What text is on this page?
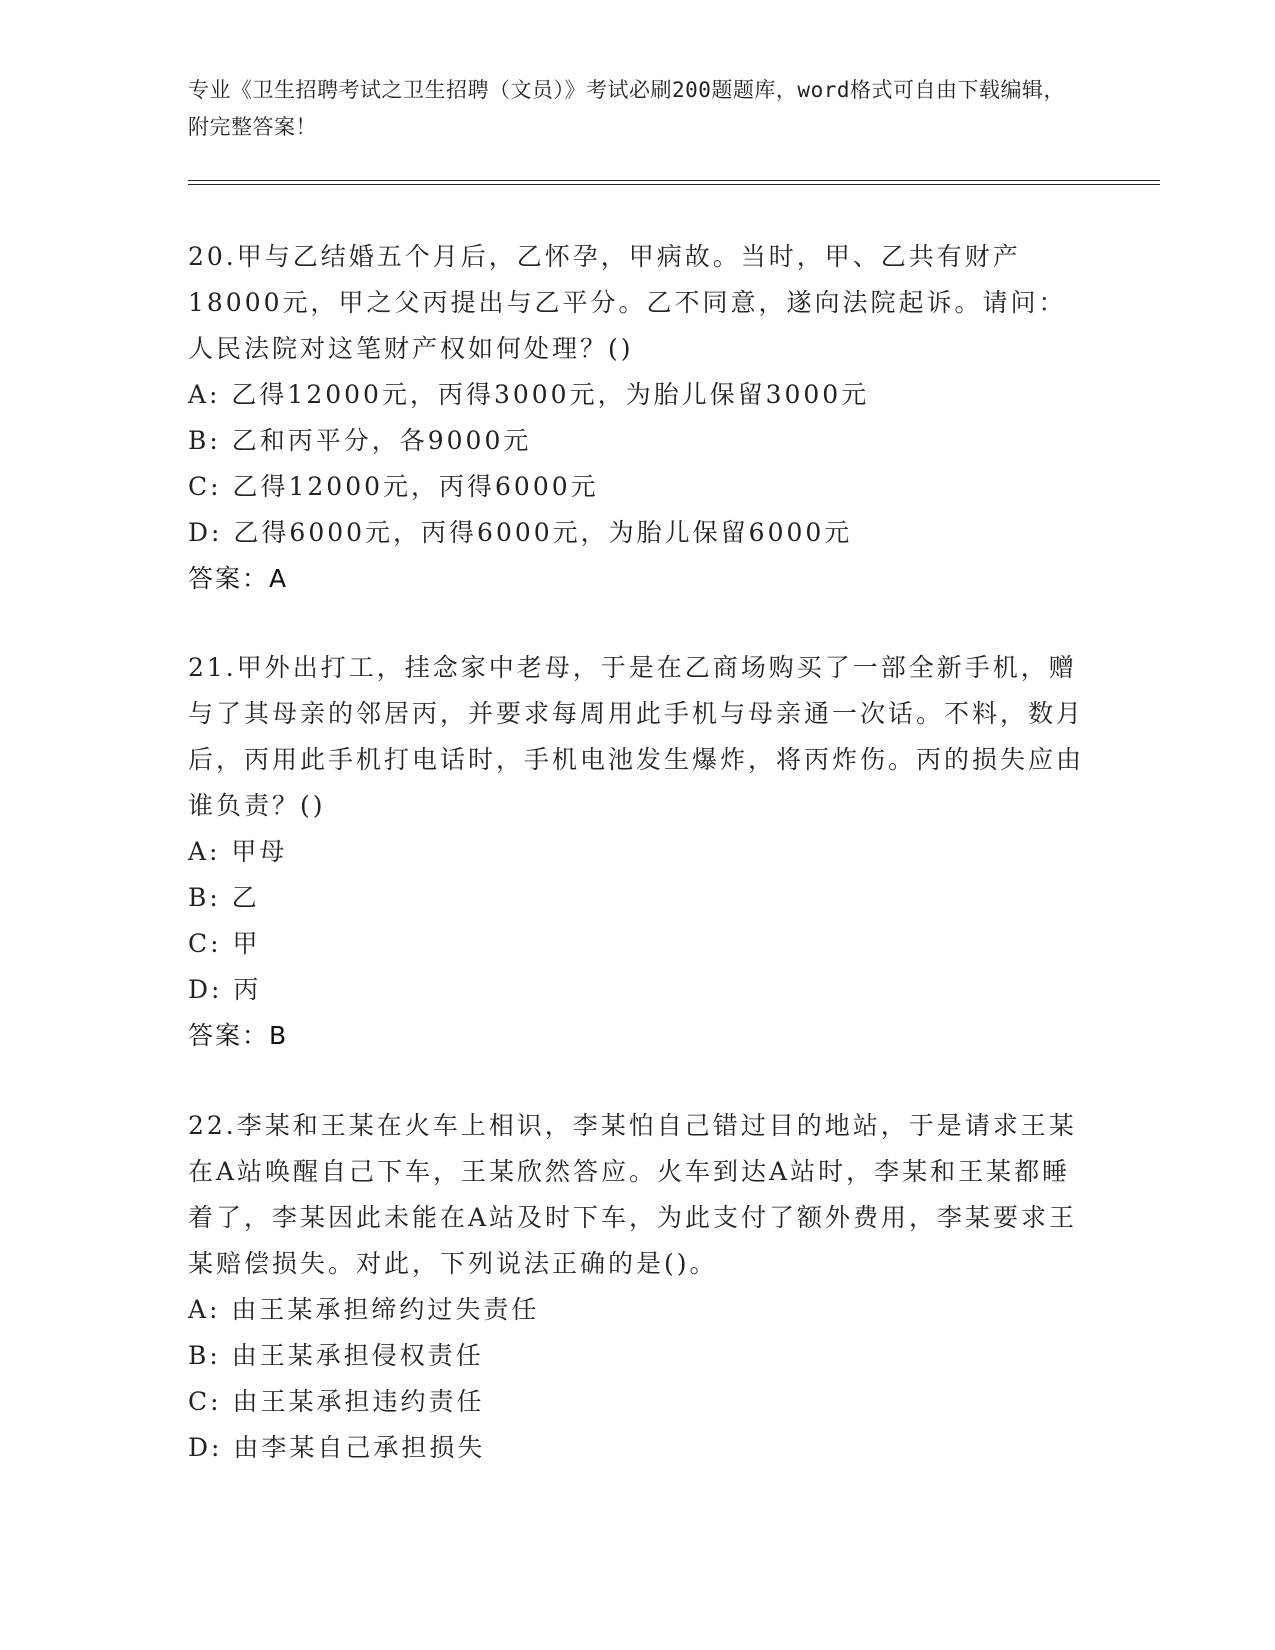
专业《卫生招聘考试之卫生招聘（文员）》考试必刷200题题库，word格式可自由下载编辑，附完整答案！
20.甲与乙结婚五个月后，乙怀孕，甲病故。当时，甲、乙共有财产18000元，甲之父丙提出与乙平分。乙不同意，遂向法院起诉。请问：人民法院对这笔财产权如何处理？()
A: 乙得12000元，丙得3000元，为胎儿保留3000元
B: 乙和丙平分，各9000元
C: 乙得12000元，丙得6000元
D: 乙得6000元，丙得6000元，为胎儿保留6000元
答案：A
21.甲外出打工，挂念家中老母，于是在乙商场购买了一部全新手机，赠与了其母亲的邻居丙，并要求每周用此手机与母亲通一次话。不料，数月后，丙用此手机打电话时，手机电池发生爆炸，将丙炸伤。丙的损失应由谁负责？()
A: 甲母
B: 乙
C: 甲
D: 丙
答案：B
22.李某和王某在火车上相识，李某怕自己错过目的地站，于是请求王某在A站唤醒自己下车，王某欣然答应。火车到达A站时，李某和王某都睡着了，李某因此未能在A站及时下车，为此支付了额外费用，李某要求王某赔偿损失。对此，下列说法正确的是()。
A: 由王某承担缔约过失责任
B: 由王某承担侵权责任
C: 由王某承担违约责任
D: 由李某自己承担损失
